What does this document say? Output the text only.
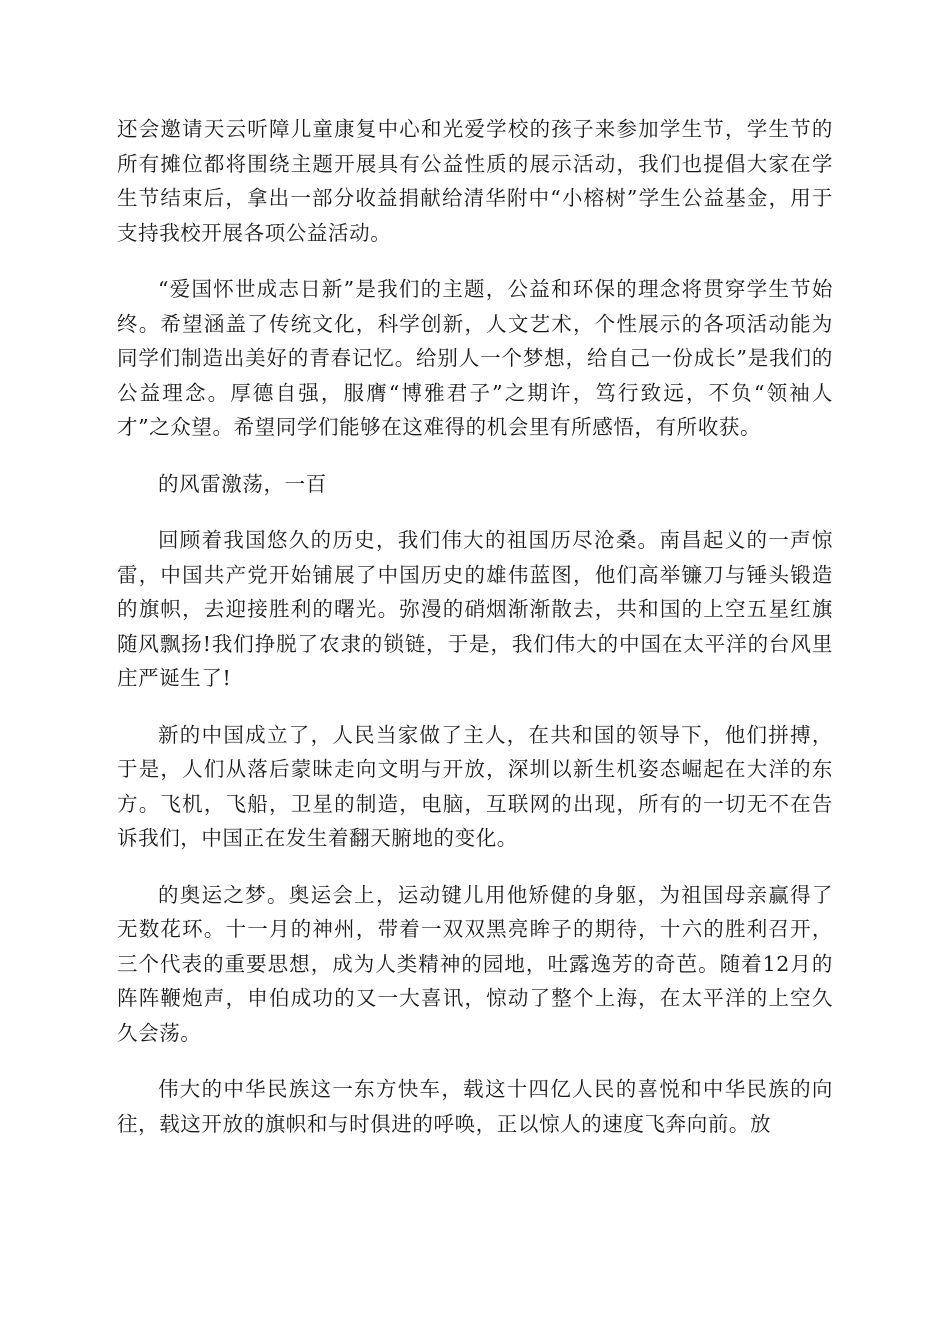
还会邀请天云听障儿童康复中心和光爱学校的孩子来参加学生节，学生节的所有摊位都将围绕主题开展具有公益性质的展示活动，我们也提倡大家在学生节结束后，拿出一部分收益捐献给清华附中“小榕树”学生公益基金，用于支持我校开展各项公益活动。

“爱国怀世成志日新”是我们的主题，公益和环保的理念将贯穿学生节始终。希望涵盖了传统文化，科学创新，人文艺术，个性展示的各项活动能为同学们制造出美好的青春记忆。给别人一个梦想，给自己一份成长”是我们的公益理念。厚德自强，服膺“博雅君子”之期许，笃行致远，不负“领袖人才”之众望。希望同学们能够在这难得的机会里有所感悟，有所收获。

的风雷激荡，一百

回顾着我国悠久的历史，我们伟大的祖国历尽沧桑。南昌起义的一声惊雷，中国共产党开始铺展了中国历史的雄伟蓝图，他们高举镰刀与锤头锻造的旗帜，去迎接胜利的曙光。弥漫的硝烟渐渐散去，共和国的上空五星红旗随风飘扬!我们挣脱了农隶的锁链，于是，我们伟大的中国在太平洋的台风里庄严诞生了!

新的中国成立了，人民当家做了主人，在共和国的领导下，他们拼搏，于是，人们从落后蒙昧走向文明与开放，深圳以新生机姿态崛起在大洋的东方。飞机，飞船，卫星的制造，电脑，互联网的出现，所有的一切无不在告诉我们，中国正在发生着翻天腑地的变化。

的奥运之梦。奥运会上，运动键儿用他矫健的身躯，为祖国母亲赢得了无数花环。十一月的神州，带着一双双黑亮眸子的期待，十六的胜利召开，三个代表的重要思想，成为人类精神的园地，吐露逸芳的奇芭。随着12月的阵阵鞭炮声，申伯成功的又一大喜讯，惊动了整个上海，在太平洋的上空久久会荡。

伟大的中华民族这一东方快车，载这十四亿人民的喜悦和中华民族的向往，载这开放的旗帜和与时俱进的呼唤，正以惊人的速度飞奔向前。放
